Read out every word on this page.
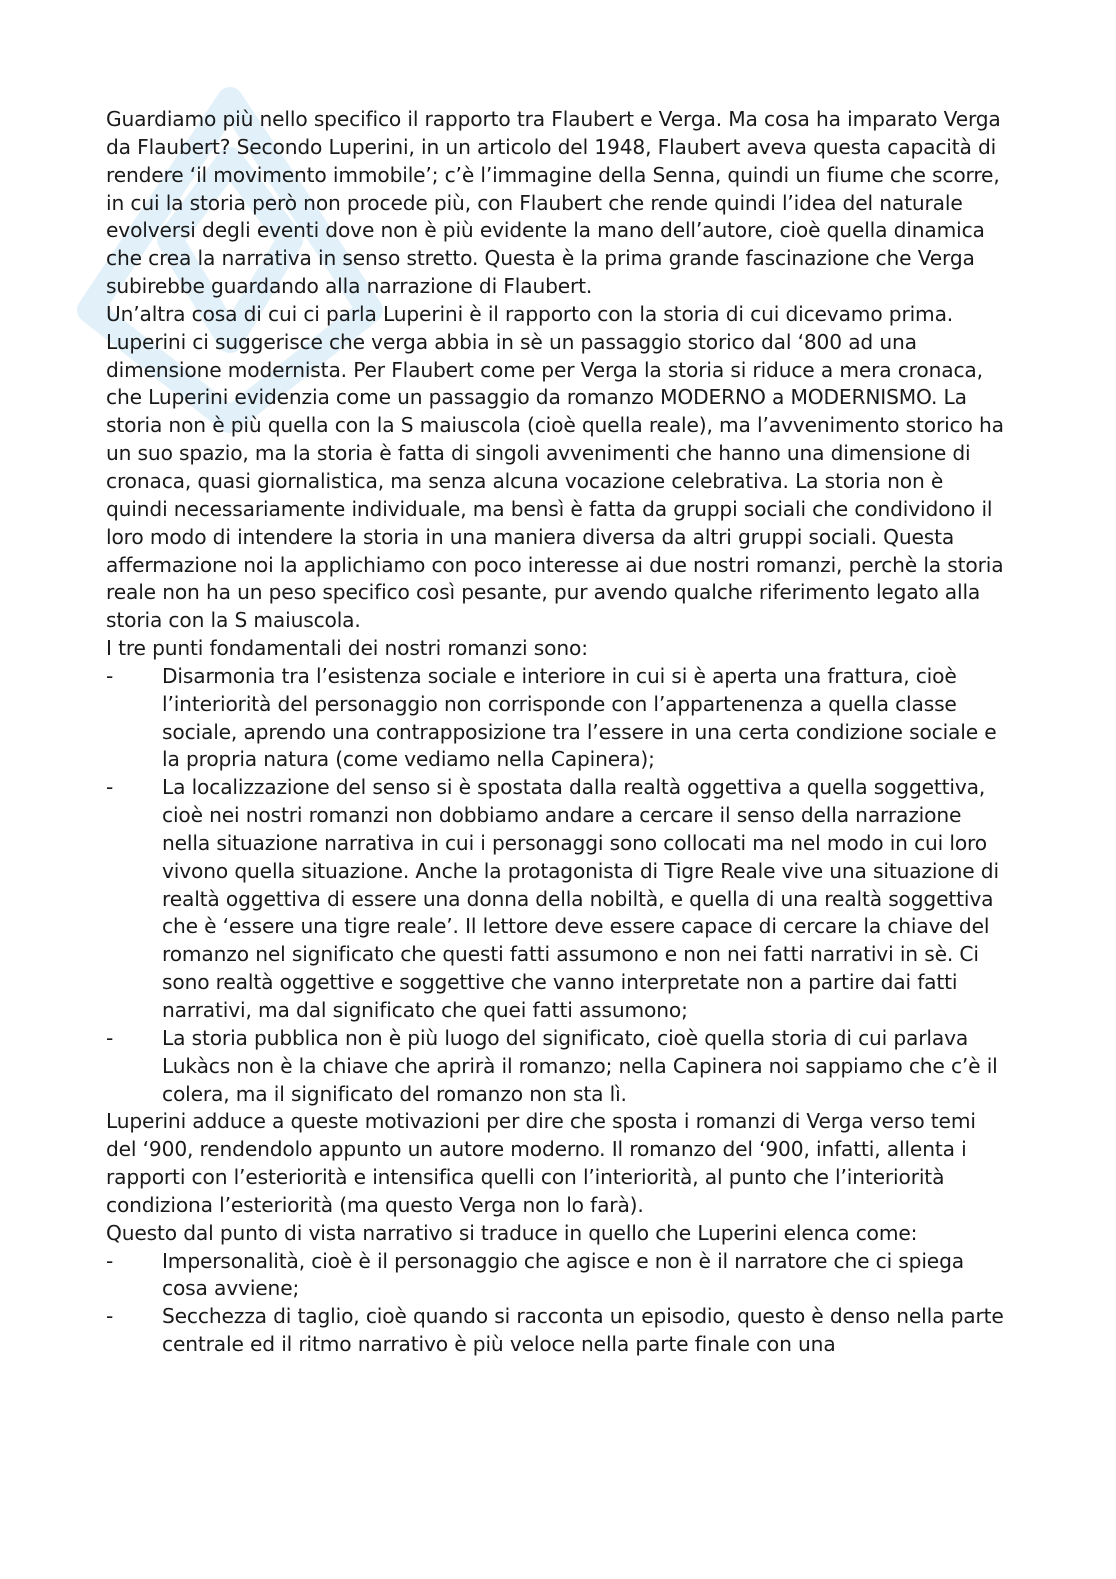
Guardiamo più nello specifico il rapporto tra Flaubert e Verga. Ma cosa ha imparato Verga da Flaubert? Secondo Luperini, in un articolo del 1948, Flaubert aveva questa capacità di rendere ‘il movimento immobile’; c’è l’immagine della Senna, quindi un fiume che scorre, in cui la storia però non procede più, con Flaubert che rende quindi l’idea del naturale evolversi degli eventi dove non è più evidente la mano dell’autore, cioè quella dinamica che crea la narrativa in senso stretto. Questa è la prima grande fascinazione che Verga subirebbe guardando alla narrazione di Flaubert.

Un’altra cosa di cui ci parla Luperini è il rapporto con la storia di cui dicevamo prima. Luperini ci suggerisce che verga abbia in sè un passaggio storico dal ‘800 ad una dimensione modernista. Per Flaubert come per Verga la storia si riduce a mera cronaca, che Luperini evidenzia come un passaggio da romanzo MODERNO a MODERNISMO. La storia non è più quella con la S maiuscola (cioè quella reale), ma l’avvenimento storico ha un suo spazio, ma la storia è fatta di singoli avvenimenti che hanno una dimensione di cronaca, quasi giornalistica, ma senza alcuna vocazione celebrativa. La storia non è quindi necessariamente individuale, ma bensì è fatta da gruppi sociali che condividono il loro modo di intendere la storia in una maniera diversa da altri gruppi sociali. Questa affermazione noi la applichiamo con poco interesse ai due nostri romanzi, perchè la storia reale non ha un peso specifico così pesante, pur avendo qualche riferimento legato alla storia con la S maiuscola.

I tre punti fondamentali dei nostri romanzi sono:

-	Disarmonia tra l’esistenza sociale e interiore in cui si è aperta una frattura, cioè l’interiorità del personaggio non corrisponde con l’appartenenza a quella classe sociale, aprendo una contrapposizione tra l’essere in una certa condizione sociale e la propria natura (come vediamo nella Capinera);
-	La localizzazione del senso si è spostata dalla realtà oggettiva a quella soggettiva, cioè nei nostri romanzi non dobbiamo andare a cercare il senso della narrazione nella situazione narrativa in cui i personaggi sono collocati ma nel modo in cui loro vivono quella situazione. Anche la protagonista di Tigre Reale vive una situazione di realtà oggettiva di essere una donna della nobiltà, e quella di una realtà soggettiva che è ‘essere una tigre reale’. Il lettore deve essere capace di cercare la chiave del romanzo nel significato che questi fatti assumono e non nei fatti narrativi in sè. Ci sono realtà oggettive e soggettive che vanno interpretate non a partire dai fatti narrativi, ma dal significato che quei fatti assumono;
-	La storia pubblica non è più luogo del significato, cioè quella storia di cui parlava Lukàcs non è la chiave che aprirà il romanzo; nella Capinera noi sappiamo che c’è il colera, ma il significato del romanzo non sta lì.

Luperini adduce a queste motivazioni per dire che sposta i romanzi di Verga verso temi del ‘900, rendendolo appunto un autore moderno. Il romanzo del ‘900, infatti, allenta i rapporti con l’esteriorità e intensifica quelli con l’interiorità, al punto che l’interiorità condiziona l’esteriorità (ma questo Verga non lo farà).

Questo dal punto di vista narrativo si traduce in quello che Luperini elenca come:

-	Impersonalità, cioè è il personaggio che agisce e non è il narratore che ci spiega cosa avviene;
-	Secchezza di taglio, cioè quando si racconta un episodio, questo è denso nella parte centrale ed il ritmo narrativo è più veloce nella parte finale con una
